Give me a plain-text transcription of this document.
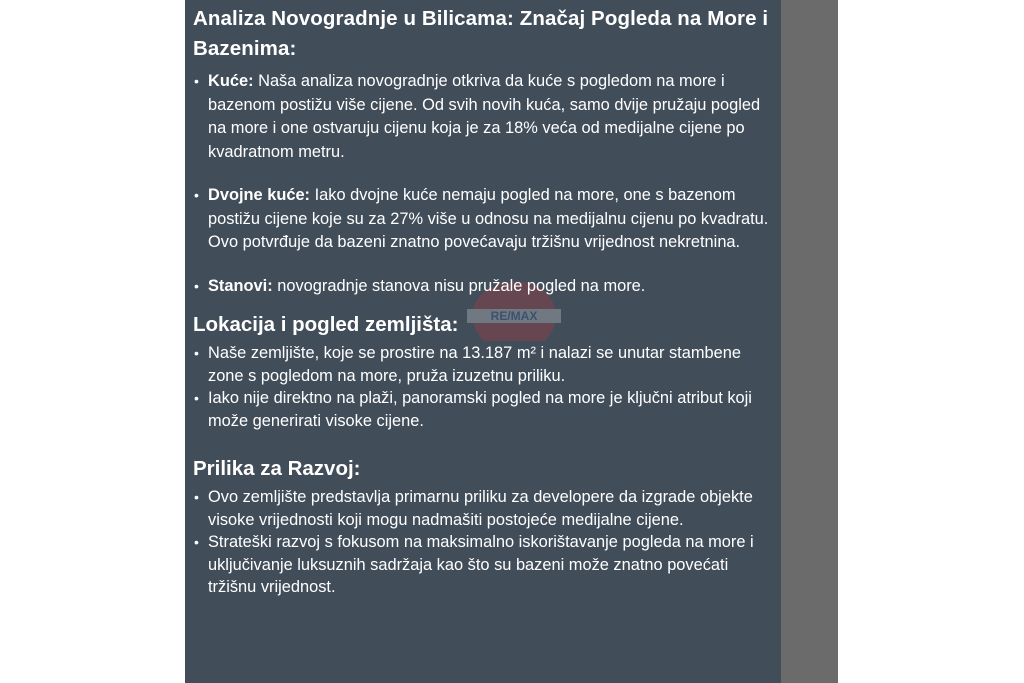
RE/MAX
Analiza Novogradnje u Bilicama: Značaj Pogleda na More i Bazenima:
• Kuće: Naša analiza novogradnje otkriva da kuće s pogledom na more i bazenom postižu više cijene. Od svih novih kuća, samo dvije pružaju pogled na more i one ostvaruju cijenu koja je za 18% veća od medijalne cijene po kvadratnom metru.
• Dvojne kuće: Iako dvojne kuće nemaju pogled na more, one s bazenom postižu cijene koje su za 27% više u odnosu na medijalnu cijenu po kvadratu. Ovo potvrđuje da bazeni znatno povećavaju tržišnu vrijednost nekretnina.
• Stanovi: novogradnje stanova nisu pružale pogled na more.
Lokacija i pogled zemljišta:
• Naše zemljište, koje se prostire na 13.187 m² i nalazi se unutar stambene zone s pogledom na more, pruža izuzetnu priliku.
• Iako nije direktno na plaži, panoramski pogled na more je ključni atribut koji može generirati visoke cijene.
Prilika za Razvoj:
• Ovo zemljište predstavlja primarnu priliku za developere da izgrade objekte visoke vrijednosti koji mogu nadmašiti postojeće medijalne cijene.
• Strateški razvoj s fokusom na maksimalno iskorištavanje pogleda na more i uključivanje luksuznih sadržaja kao što su bazeni može znatno povećati tržišnu vrijednost.
